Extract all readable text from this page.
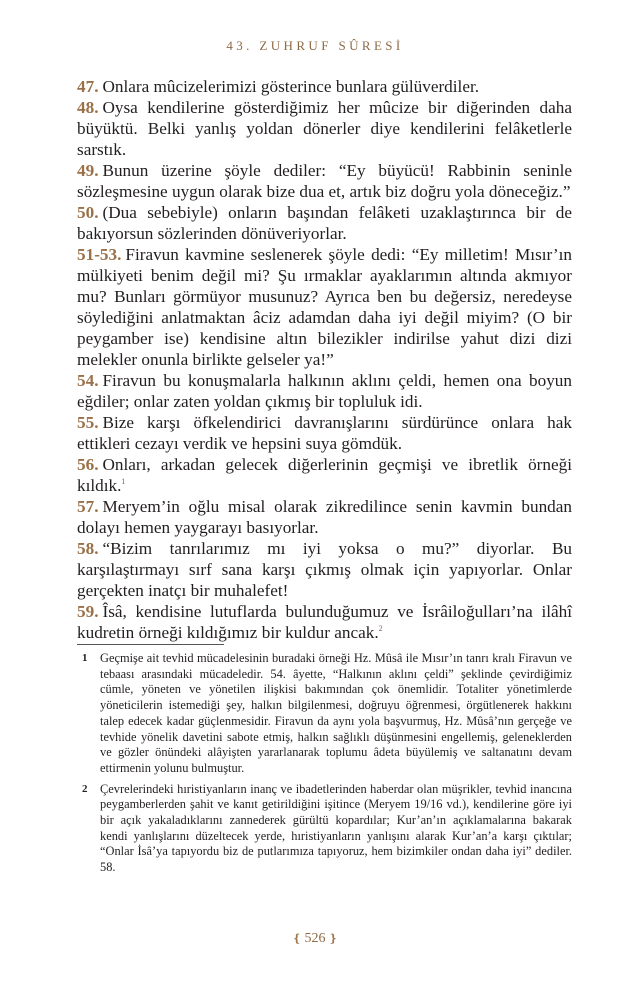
43. ZUHRUF SÛRESİ

47. Onlara mûcizelerimizi gösterince bunlara gülüverdiler.

48. Oysa kendilerine gösterdiğimiz her mûcize bir diğerinden daha büyüktü. Belki yanlış yoldan dönerler diye kendilerini felâketlerle sarstık.

49. Bunun üzerine şöyle dediler: “Ey büyücü! Rabbinin seninle sözleşmesine uygun olarak bize dua et, artık biz doğru yola döneceğiz.”

50. (Dua sebebiyle) onların başından felâketi uzaklaştırınca bir de bakıyorsun sözlerinden dönüveriyorlar.

51-53. Firavun kavmine seslenerek şöyle dedi: “Ey milletim! Mısır’ın mülkiyeti benim değil mi? Şu ırmaklar ayaklarımın altında akmıyor mu? Bunları görmüyor musunuz? Ayrıca ben bu değersiz, neredeyse söylediğini anlatmaktan âciz adamdan daha iyi değil miyim? (O bir peygamber ise) kendisine altın bilezikler indirilse yahut dizi dizi melekler onunla birlikte gelseler ya!”

54. Firavun bu konuşmalarla halkının aklını çeldi, hemen ona boyun eğdiler; onlar zaten yoldan çıkmış bir topluluk idi.

55. Bize karşı öfkelendirici davranışlarını sürdürünce onlara hak ettikleri cezayı verdik ve hepsini suya gömdük.

56. Onları, arkadan gelecek diğerlerinin geçmişi ve ibretlik örneği kıldık.$^1$

57. Meryem’in oğlu misal olarak zikredilince senin kavmin bundan dolayı hemen yaygarayı basıyorlar.

58. “Bizim tanrılarımız mı iyi yoksa o mu?” diyorlar. Bu karşılaştırmayı sırf sana karşı çıkmış olmak için yapıyorlar. Onlar gerçekten inatçı bir muhalefet!

59. Îsâ, kendisine lutuflarda bulunduğumuz ve İsrâiloğulları’na ilâhî kudretin örneği kıldığımız bir kuldur ancak.$^2$

1 Geçmişe ait tevhid mücadelesinin buradaki örneği Hz. Mûsâ ile Mısır’ın tanrı kralı Firavun ve tebaası arasındaki mücadeledir. 54. âyette, “Halkının aklını çeldi” şeklinde çevirdiğimiz cümle, yöneten ve yönetilen ilişkisi bakımından çok önemlidir. Totaliter yönetimlerde yöneticilerin istemediği şey, halkın bilgilenmesi, doğruyu öğrenmesi, örgütlenerek hakkını talep edecek kadar güçlenmesidir. Firavun da aynı yola başvurmuş, Hz. Mûsâ’nın gerçeğe ve tevhide yönelik davetini sabote etmiş, halkın sağlıklı düşünmesini engellemiş, geleneklerden ve gözler önündeki alâyişten yararlanarak toplumu âdeta büyülemiş ve saltanatını devam ettirmenin yolunu bulmuştur.
2 Çevrelerindeki hıristiyanların inanç ve ibadetlerinden haberdar olan müşrikler, tevhid inancına peygamberlerden şahit ve kanıt getirildiğini işitince (Meryem 19/16 vd.), kendilerine göre iyi bir açık yakaladıklarını zannederek gürültü kopardılar; Kur’an’ın açıklamalarına bakarak kendi yanlışlarını düzeltecek yerde, hıristiyanların yanlışını alarak Kur’an’a karşı çıktılar; “Onlar İsâ’ya tapıyordu biz de putlarımıza tapıyoruz, hem bizimkiler ondan daha iyi” dediler. 58.
❴ 526 ❵
